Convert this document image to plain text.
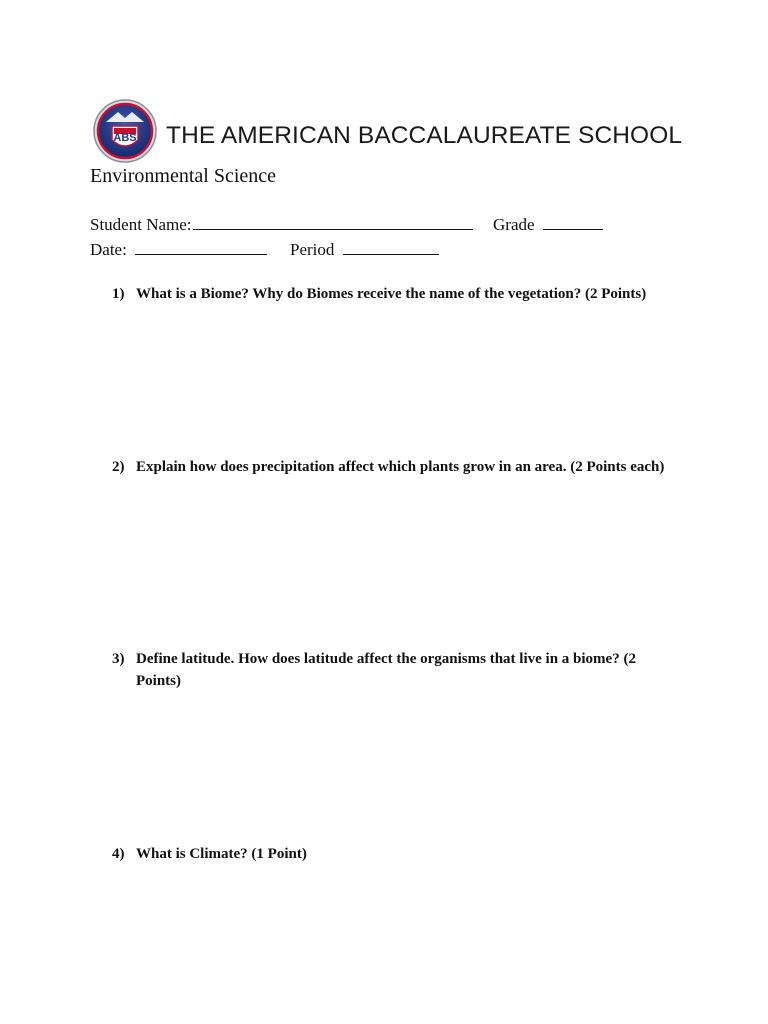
ABS THE AMERICAN BACCALAUREATE SCHOOL
Environmental Science
Student Name:	Grade
Date:	Period
1) What is a Biome? Why do Biomes receive the name of the vegetation? (2 Points)
2) Explain how does precipitation affect which plants grow in an area. (2 Points each)
3) Define latitude. How does latitude affect the organisms that live in a biome? (2 Points)
4) What is Climate? (1 Point)
